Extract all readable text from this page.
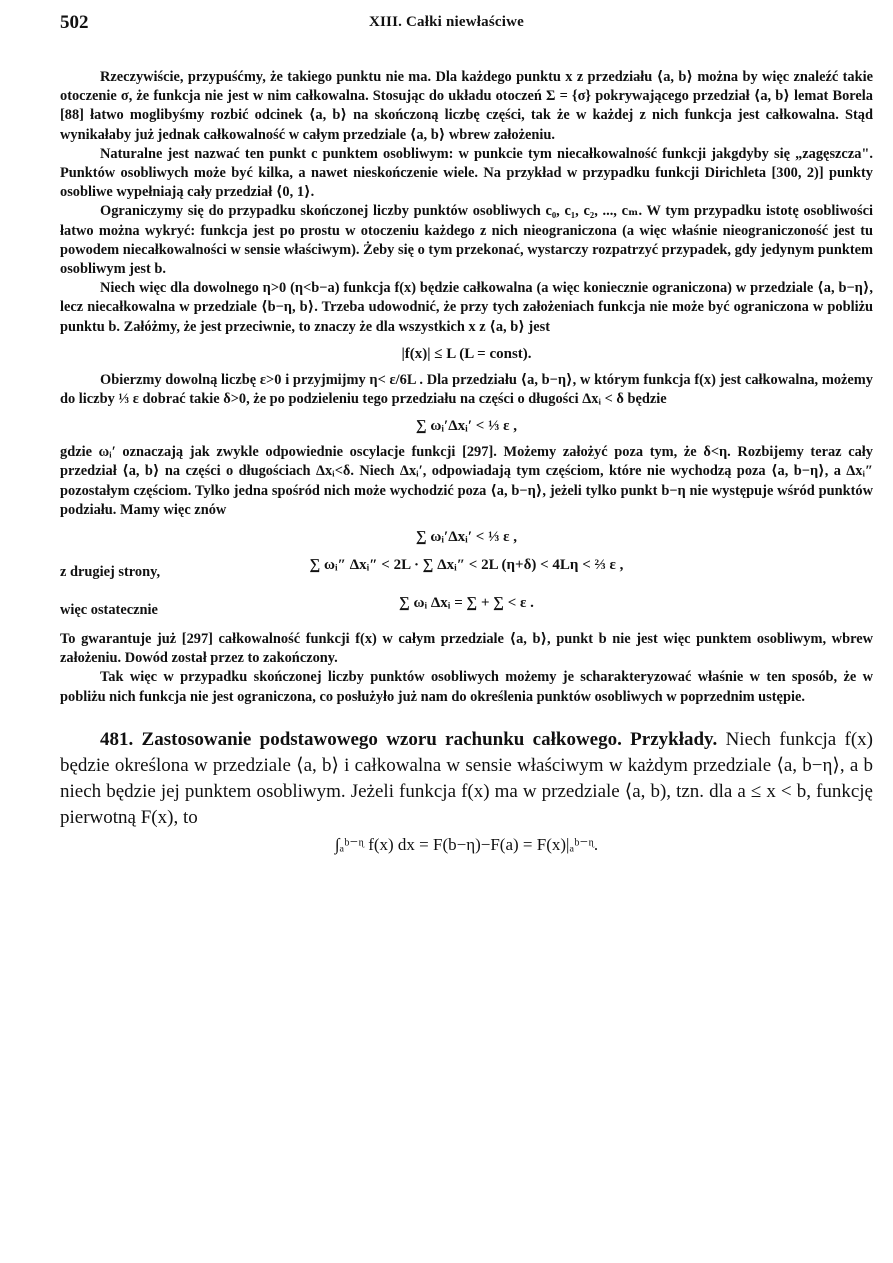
502	XIII. Całki niewłaściwe

Rzeczywiście, przypuśćmy, że takiego punktu nie ma. Dla każdego punktu x z przedziału ⟨a, b⟩ można by więc znaleźć takie otoczenie σ, że funkcja nie jest w nim całkowalna. Stosując do układu otoczeń Σ = {σ} pokrywającego przedział ⟨a, b⟩ lemat Borela [88] łatwo moglibyśmy rozbić odcinek ⟨a, b⟩ na skończoną liczbę części, tak że w każdej z nich funkcja jest całkowalna. Stąd wynikałaby już jednak całkowalność w całym przedziale ⟨a, b⟩ wbrew założeniu.

Naturalne jest nazwać ten punkt c punktem osobliwym: w punkcie tym niecałkowalność funkcji jakgdyby się „zagęszcza". Punktów osobliwych może być kilka, a nawet nieskończenie wiele. Na przykład w przypadku funkcji Dirichleta [300, 2)] punkty osobliwe wypełniają cały przedział ⟨0, 1⟩.

Ograniczymy się do przypadku skończonej liczby punktów osobliwych c₀, c₁, c₂, ..., cₘ. W tym przypadku istotę osobliwości łatwo można wykryć: funkcja jest po prostu w otoczeniu każdego z nich nieograniczona (a więc właśnie nieograniczoność jest tu powodem niecałkowalności w sensie właściwym). Żeby się o tym przekonać, wystarczy rozpatrzyć przypadek, gdy jedynym punktem osobliwym jest b.

Niech więc dla dowolnego η>0 (η<b−a) funkcja f(x) będzie całkowalna (a więc koniecznie ograniczona) w przedziale ⟨a, b−η⟩, lecz niecałkowalna w przedziale ⟨b−η, b⟩. Trzeba udowodnić, że przy tych założeniach funkcja nie może być ograniczona w pobliżu punktu b. Załóżmy, że jest przeciwnie, to znaczy że dla wszystkich x z ⟨a, b⟩ jest

|f(x)| ≤ L (L = const).

Obierzmy dowolną liczbę ε>0 i przyjmijmy η< ε/6L . Dla przedziału ⟨a, b−η⟩, w którym funkcja f(x) jest całkowalna, możemy do liczby ⅓ ε dobrać takie δ>0, że po podzieleniu tego przedziału na części o długości Δxᵢ < δ będzie

∑ ωᵢ′Δxᵢ′ < ⅓ ε ,

gdzie ωᵢ′ oznaczają jak zwykle odpowiednie oscylacje funkcji [297]. Możemy założyć poza tym, że δ<η. Rozbijemy teraz cały przedział ⟨a, b⟩ na części o długościach Δxᵢ<δ. Niech Δxᵢ′, odpowiadają tym częściom, które nie wychodzą poza ⟨a, b−η⟩, a Δxᵢ″ pozostałym częściom. Tylko jedna spośród nich może wychodzić poza ⟨a, b−η⟩, jeżeli tylko punkt b−η nie występuje wśród punktów podziału. Mamy więc znów

∑ ωᵢ′Δxᵢ′ < ⅓ ε ,
z drugiej strony,	∑ ωᵢ″ Δxᵢ″ < 2L · ∑ Δxᵢ″ < 2L (η+δ) < 4Lη < ⅔ ε ,
więc ostatecznie	∑ ωᵢ Δxᵢ = ∑ + ∑ < ε .

To gwarantuje już [297] całkowalność funkcji f(x) w całym przedziale ⟨a, b⟩, punkt b nie jest więc punktem osobliwym, wbrew założeniu. Dowód został przez to zakończony.

Tak więc w przypadku skończonej liczby punktów osobliwych możemy je scharakteryzować właśnie w ten sposób, że w pobliżu nich funkcja nie jest ograniczona, co posłużyło już nam do określenia punktów osobliwych w poprzednim ustępie.

481. Zastosowanie podstawowego wzoru rachunku całkowego. Przykłady. Niech funkcja f(x) będzie określona w przedziale ⟨a, b⟩ i całkowalna w sensie właściwym w każdym przedziale ⟨a, b−η⟩, a b niech będzie jej punktem osobliwym. Jeżeli funkcja f(x) ma w przedziale ⟨a, b), tzn. dla a ≤ x < b, funkcję pierwotną F(x), to

∫ₐᵇ⁻ᶯ f(x) dx = F(b−η)−F(a) = F(x)|ₐᵇ⁻ᶯ.
